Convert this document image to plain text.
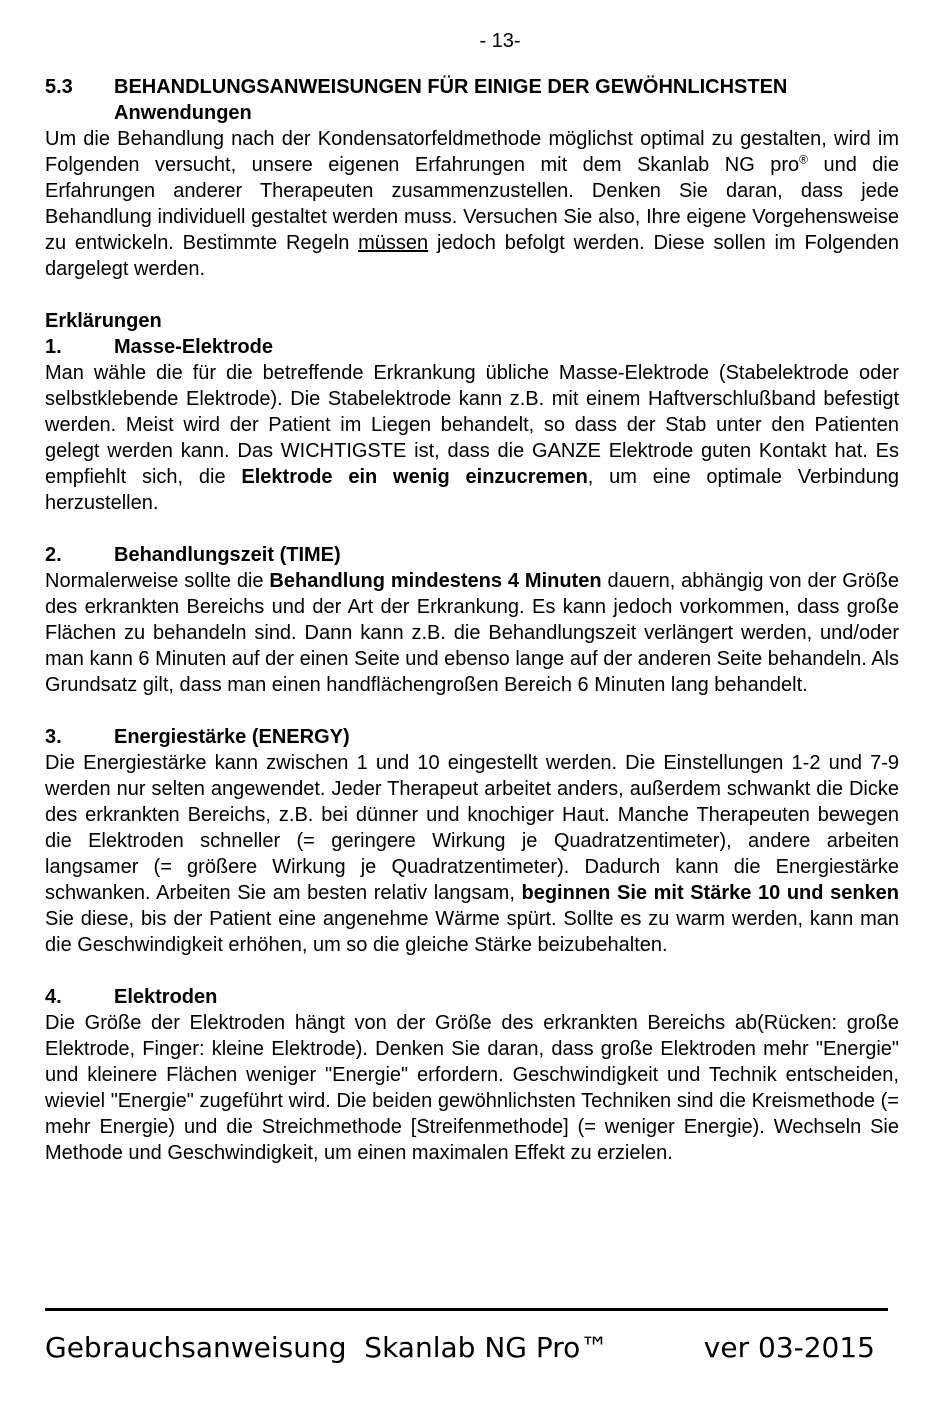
- 13-
5.3	BEHANDLUNGSANWEISUNGEN FÜR EINIGE DER GEWÖHNLICHSTEN
Anwendungen

Um die Behandlung nach der Kondensatorfeldmethode möglichst optimal zu gestalten, wird im Folgenden versucht, unsere eigenen Erfahrungen mit dem Skanlab NG pro® und die Erfahrungen anderer Therapeuten zusammenzustellen. Denken Sie daran, dass jede Behandlung individuell gestaltet werden muss. Versuchen Sie also, Ihre eigene Vorgehensweise zu entwickeln. Bestimmte Regeln müssen jedoch befolgt werden. Diese sollen im Folgenden dargelegt werden.

Erklärungen
1.	Masse-Elektrode

Man wähle die für die betreffende Erkrankung übliche Masse-Elektrode (Stabelektrode oder selbstklebende Elektrode). Die Stabelektrode kann z.B. mit einem Haftverschlußband befestigt werden. Meist wird der Patient im Liegen behandelt, so dass der Stab unter den Patienten gelegt werden kann. Das WICHTIGSTE ist, dass die GANZE Elektrode guten Kontakt hat. Es empfiehlt sich, die Elektrode ein wenig einzucremen, um eine optimale Verbindung herzustellen.

2.	Behandlungszeit (TIME)

Normalerweise sollte die Behandlung mindestens 4 Minuten dauern, abhängig von der Größe des erkrankten Bereichs und der Art der Erkrankung. Es kann jedoch vorkommen, dass große Flächen zu behandeln sind. Dann kann z.B. die Behandlungszeit verlängert werden, und/oder man kann 6 Minuten auf der einen Seite und ebenso lange auf der anderen Seite behandeln. Als Grundsatz gilt, dass man einen handflächengroßen Bereich 6 Minuten lang behandelt.

3.	Energiestärke (ENERGY)

Die Energiestärke kann zwischen 1 und 10 eingestellt werden. Die Einstellungen 1-2 und 7-9 werden nur selten angewendet. Jeder Therapeut arbeitet anders, außerdem schwankt die Dicke des erkrankten Bereichs, z.B. bei dünner und knochiger Haut. Manche Therapeuten bewegen die Elektroden schneller (= geringere Wirkung je Quadratzentimeter), andere arbeiten langsamer (= größere Wirkung je Quadratzentimeter). Dadurch kann die Energiestärke schwanken. Arbeiten Sie am besten relativ langsam, beginnen Sie mit Stärke 10 und senken Sie diese, bis der Patient eine angenehme Wärme spürt. Sollte es zu warm werden, kann man die Geschwindigkeit erhöhen, um so die gleiche Stärke beizubehalten.

4.	Elektroden

Die Größe der Elektroden hängt von der Größe des erkrankten Bereichs ab(Rücken: große Elektrode, Finger: kleine Elektrode). Denken Sie daran, dass große Elektroden mehr "Energie" und kleinere Flächen weniger "Energie" erfordern. Geschwindigkeit und Technik entscheiden, wieviel "Energie" zugeführt wird. Die beiden gewöhnlichsten Techniken sind die Kreismethode (= mehr Energie) und die Streichmethode [Streifenmethode] (= weniger Energie). Wechseln Sie Methode und Geschwindigkeit, um einen maximalen Effekt zu erzielen.

Gebrauchsanweisung  Skanlab NG Pro™	ver 03-2015
